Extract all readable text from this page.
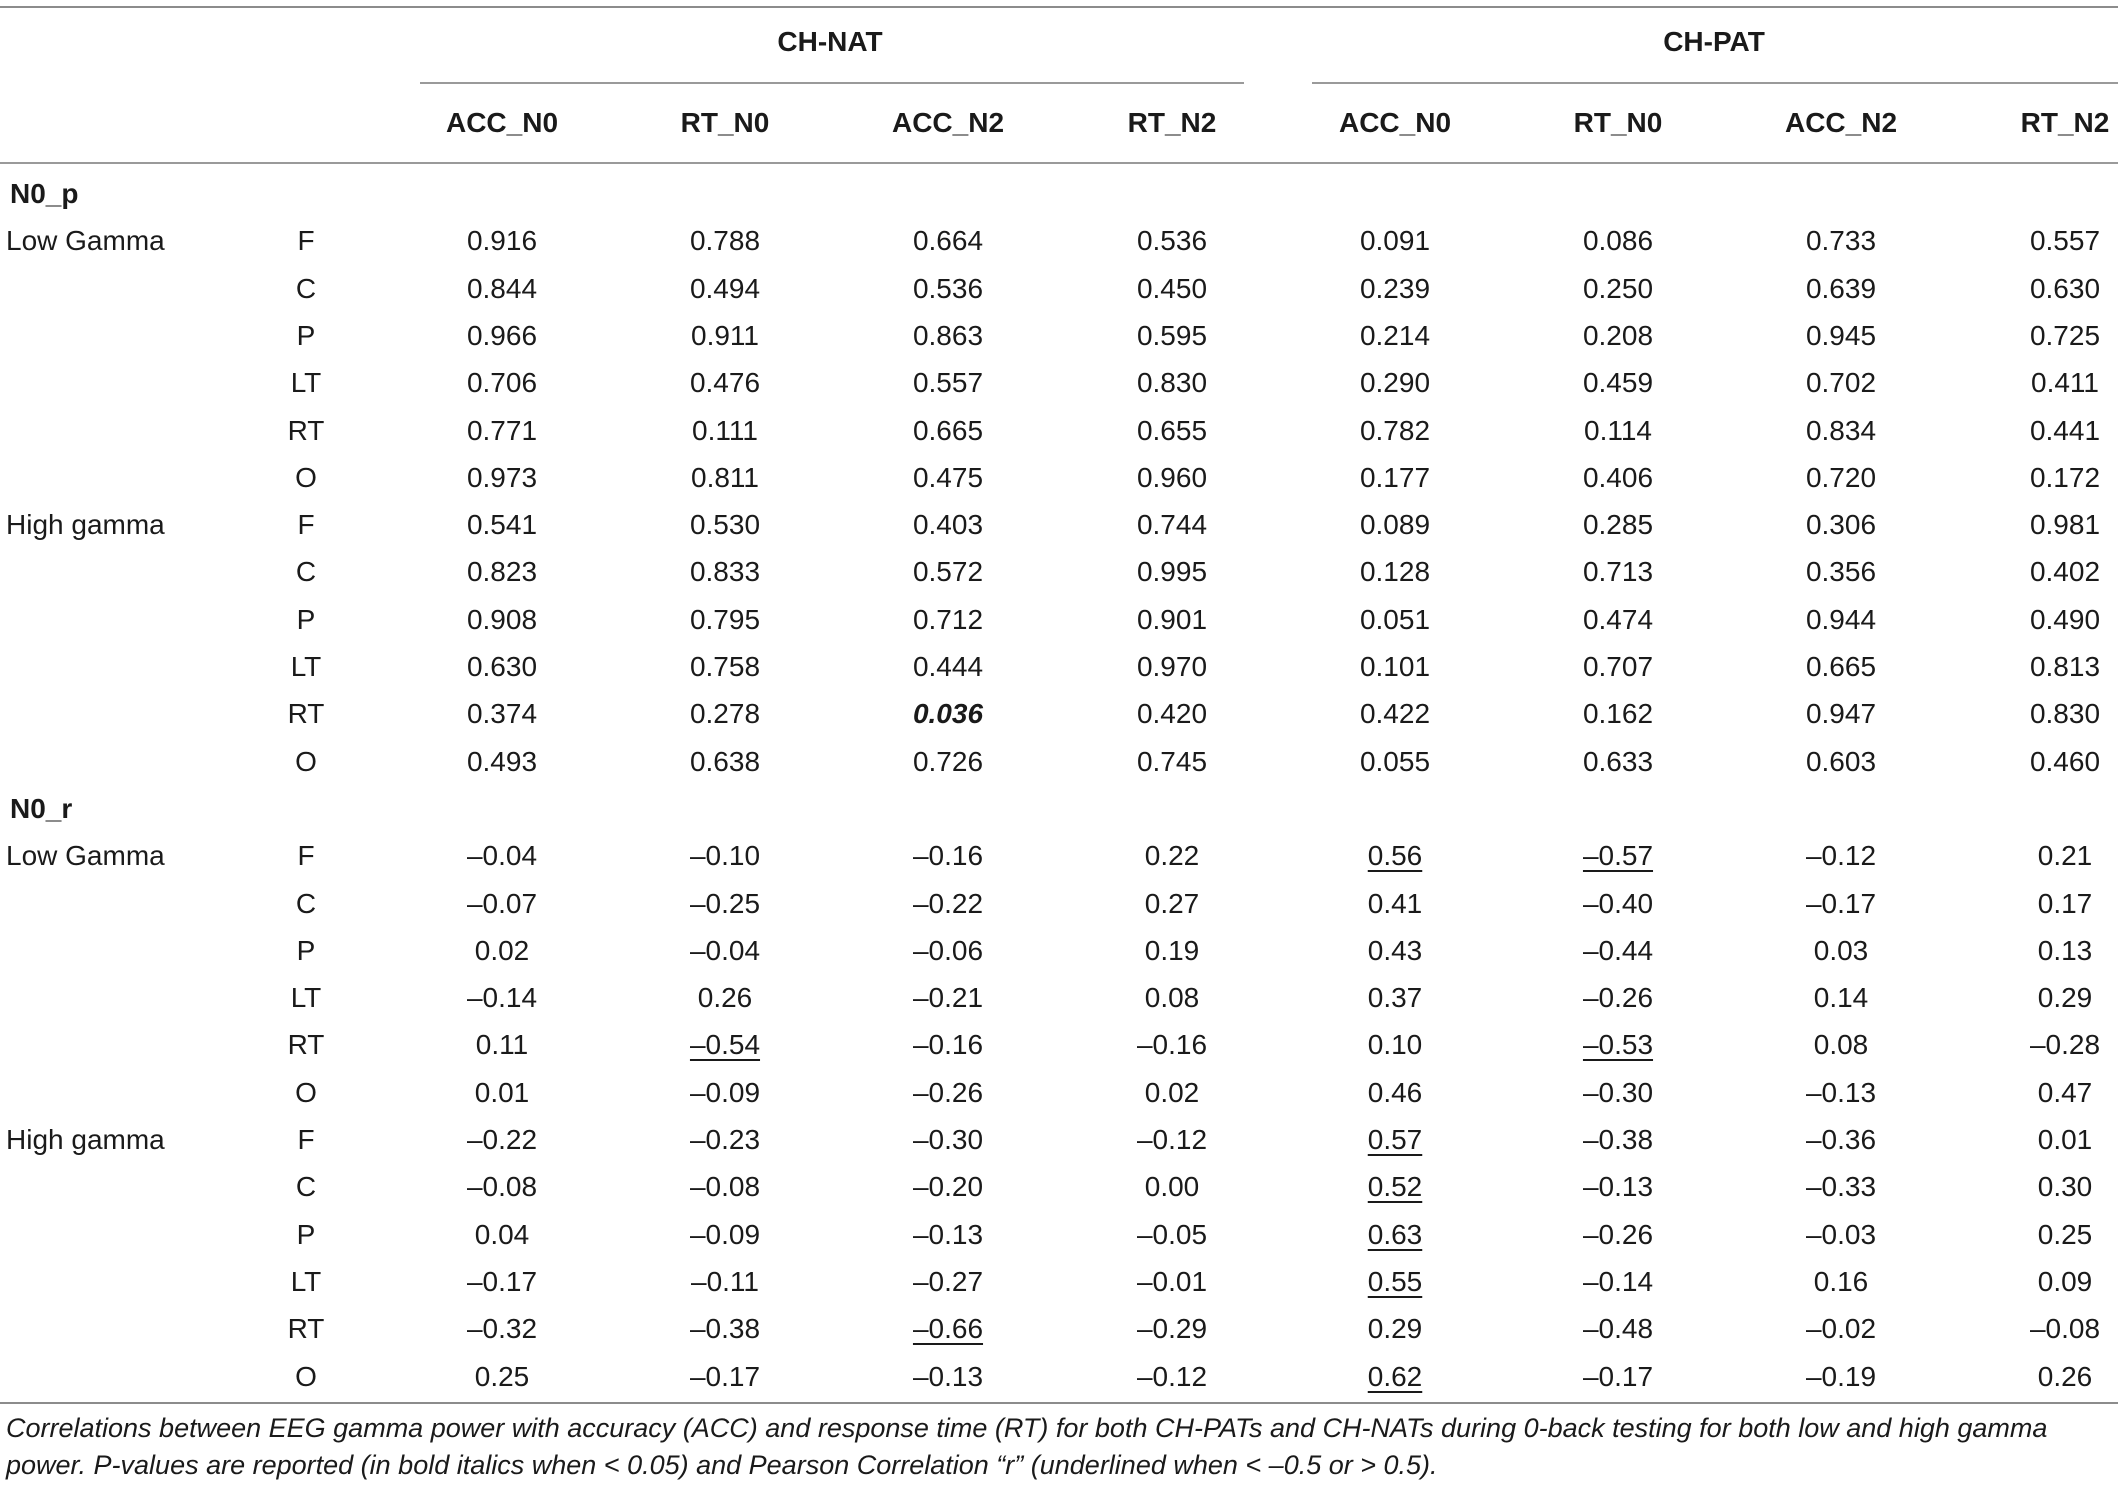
CH-NAT	CH-PAT
ACC_N0	RT_N0	ACC_N2	RT_N2	ACC_N0	RT_N0	ACC_N2	RT_N2
N0_p
Low Gamma	F	0.916	0.788	0.664	0.536	0.091	0.086	0.733	0.557
C	0.844	0.494	0.536	0.450	0.239	0.250	0.639	0.630
P	0.966	0.911	0.863	0.595	0.214	0.208	0.945	0.725
LT	0.706	0.476	0.557	0.830	0.290	0.459	0.702	0.411
RT	0.771	0.111	0.665	0.655	0.782	0.114	0.834	0.441
O	0.973	0.811	0.475	0.960	0.177	0.406	0.720	0.172
High gamma	F	0.541	0.530	0.403	0.744	0.089	0.285	0.306	0.981
C	0.823	0.833	0.572	0.995	0.128	0.713	0.356	0.402
P	0.908	0.795	0.712	0.901	0.051	0.474	0.944	0.490
LT	0.630	0.758	0.444	0.970	0.101	0.707	0.665	0.813
RT	0.374	0.278	0.036	0.420	0.422	0.162	0.947	0.830
O	0.493	0.638	0.726	0.745	0.055	0.633	0.603	0.460
N0_r
Low Gamma	F	–0.04	–0.10	–0.16	0.22	0.56	–0.57	–0.12	0.21
C	–0.07	–0.25	–0.22	0.27	0.41	–0.40	–0.17	0.17
P	0.02	–0.04	–0.06	0.19	0.43	–0.44	0.03	0.13
LT	–0.14	0.26	–0.21	0.08	0.37	–0.26	0.14	0.29
RT	0.11	–0.54	–0.16	–0.16	0.10	–0.53	0.08	–0.28
O	0.01	–0.09	–0.26	0.02	0.46	–0.30	–0.13	0.47
High gamma	F	–0.22	–0.23	–0.30	–0.12	0.57	–0.38	–0.36	0.01
C	–0.08	–0.08	–0.20	0.00	0.52	–0.13	–0.33	0.30
P	0.04	–0.09	–0.13	–0.05	0.63	–0.26	–0.03	0.25
LT	–0.17	–0.11	–0.27	–0.01	0.55	–0.14	0.16	0.09
RT	–0.32	–0.38	–0.66	–0.29	0.29	–0.48	–0.02	–0.08
O	0.25	–0.17	–0.13	–0.12	0.62	–0.17	–0.19	0.26
Correlations between EEG gamma power with accuracy (ACC) and response time (RT) for both CH-PATs and CH-NATs during 0-back testing for both low and high gamma power. P-values are reported (in bold italics when < 0.05) and Pearson Correlation “r” (underlined when < –0.5 or > 0.5).
